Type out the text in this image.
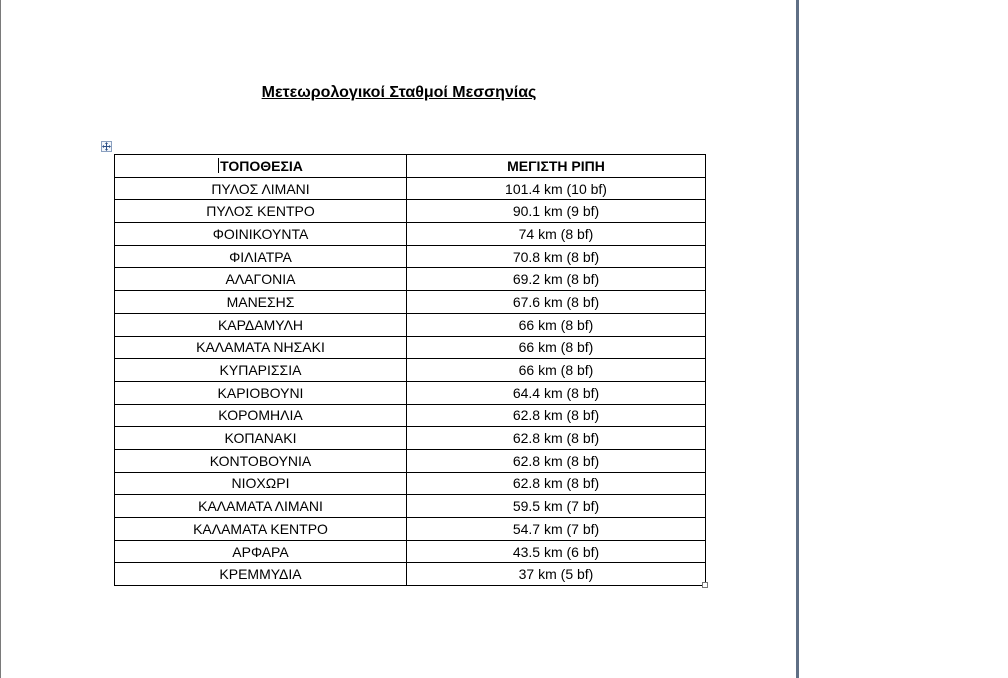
Μετεωρολογικοί Σταθμοί Μεσσηνίας
ΤΟΠΟΘΕΣΙΑ	ΜΕΓΙΣΤΗ ΡΙΠΗ
ΠΥΛΟΣ ΛΙΜΑΝΙ	101.4 km (10 bf)
ΠΥΛΟΣ ΚΕΝΤΡΟ	90.1 km (9 bf)
ΦΟΙΝΙΚΟΥΝΤΑ	74 km (8 bf)
ΦΙΛΙΑΤΡΑ	70.8 km (8 bf)
ΑΛΑΓΟΝΙΑ	69.2 km (8 bf)
ΜΑΝΕΣΗΣ	67.6 km (8 bf)
ΚΑΡΔΑΜΥΛΗ	66 km (8 bf)
ΚΑΛΑΜΑΤΑ ΝΗΣΑΚΙ	66 km (8 bf)
ΚΥΠΑΡΙΣΣΙΑ	66 km (8 bf)
ΚΑΡΙΟΒΟΥΝΙ	64.4 km (8 bf)
ΚΟΡΟΜΗΛΙΑ	62.8 km (8 bf)
ΚΟΠΑΝΑΚΙ	62.8 km (8 bf)
ΚΟΝΤΟΒΟΥΝΙΑ	62.8 km (8 bf)
ΝΙΟΧΩΡΙ	62.8 km (8 bf)
ΚΑΛΑΜΑΤΑ ΛΙΜΑΝΙ	59.5 km (7 bf)
ΚΑΛΑΜΑΤΑ ΚΕΝΤΡΟ	54.7 km (7 bf)
ΑΡΦΑΡΑ	43.5 km (6 bf)
ΚΡΕΜΜΥΔΙΑ	37 km (5 bf)
